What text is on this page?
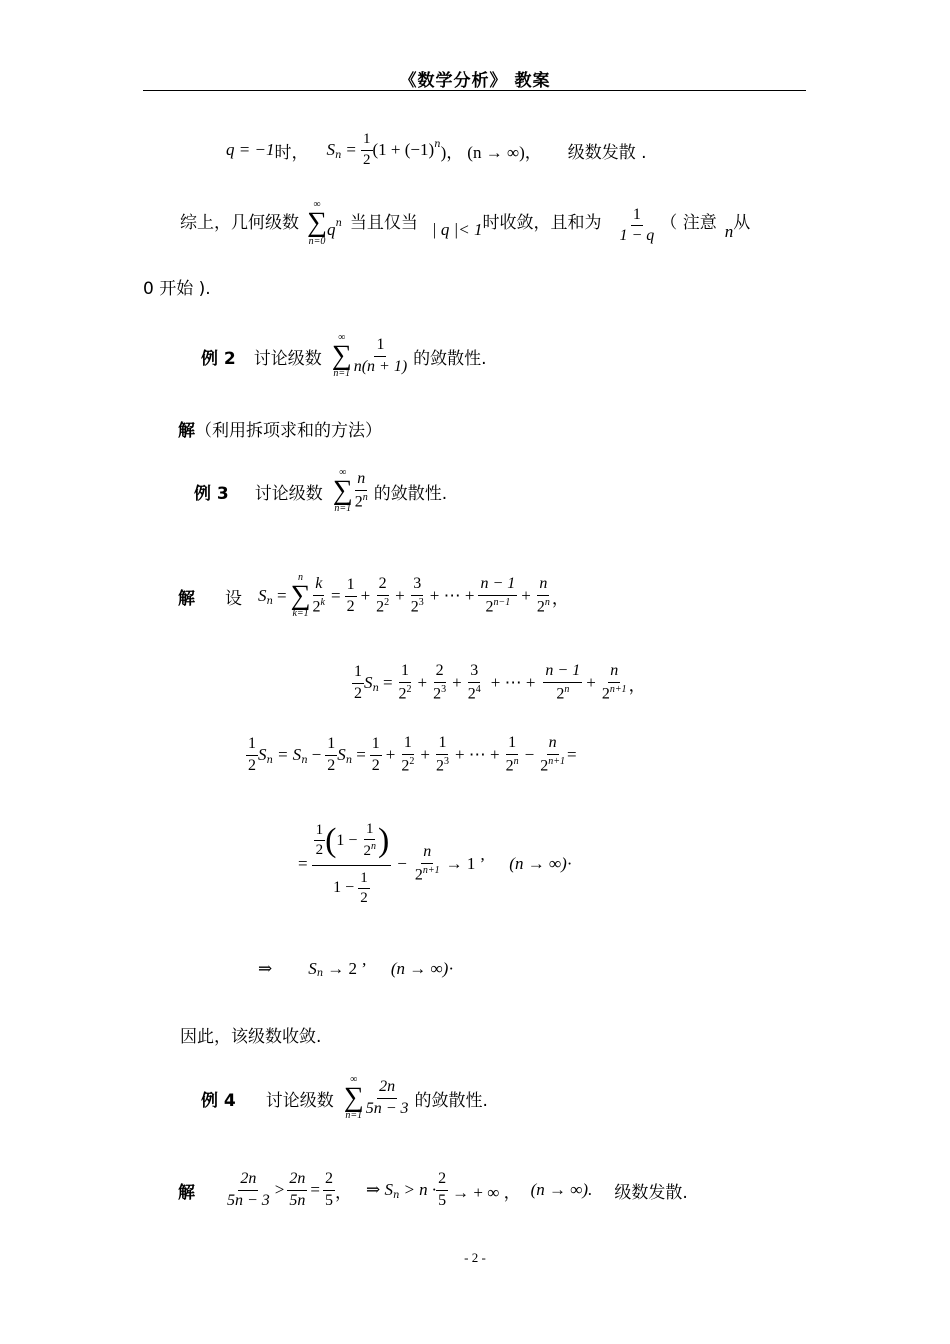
《数学分析》 教案
q = −1 时， $S_n = \frac{1}{2} (1 + (-1)^n$ )， (n → ∞)， 级数发散 .
综上，几何级数
∞
∑
n=0
$q^n$ 当且仅当 | q |< 1 时收敛，且和为 $\frac{1}{1 - q}$ （ 注意 n 从
0 开始 ).
例 2 讨论级数
∞
∑
$n=1 \frac{1}{n(n + 1)}$ 的敛散性.
解（利用拆项求和的方法）
例 3 讨论级数
∞
∑
$n=1 \frac{n}{2^n}$ 的敛散性.
解 设 $S_n$ =
n
∑
$k=1 \frac{k}{2^k} = \frac{1}{2} + \frac{2}{2^2} + \frac{3}{2^3}$ + ⋯ + $\frac{n - 1}{2^{n-1}} + \frac{n}{2^n}$ ，
$\frac{1}{2} S_n = \frac{1}{2^2} + \frac{2}{2^3} + \frac{3}{2^4}$ + ⋯ + $\frac{n - 1}{2^n} + \frac{n}{2^{n+1}}$ ，
$\frac{1}{2} S_n = S_n - \frac{1}{2} S_n = \frac{1}{2} + \frac{1}{2^2} + \frac{1}{2^3}$ + ⋯ + $\frac{1}{2^n} - \frac{n}{2^{n+1}}$ =
= $\frac{\frac{1}{2} ( 1 - \frac{1}{2^n} )}{1 - \frac{1}{2}} - \frac{n}{2^{n+1}} \to 1$ ’ (n → ∞) ·
⇒ $S_n \to 2$ ’ (n → ∞) ·
因此，该级数收敛.
例 4 讨论级数
∞
∑
$n=1 \frac{2n}{5n - 3}$ 的敛散性.
解 $\frac{2n}{5n - 3} > \frac{2n}{5n} = \frac{2}{5}$ ， ⇒ $S_n > n \cdot \frac{2}{5}$ → + ∞ ， (n → ∞). 级数发散.
- 2 -
